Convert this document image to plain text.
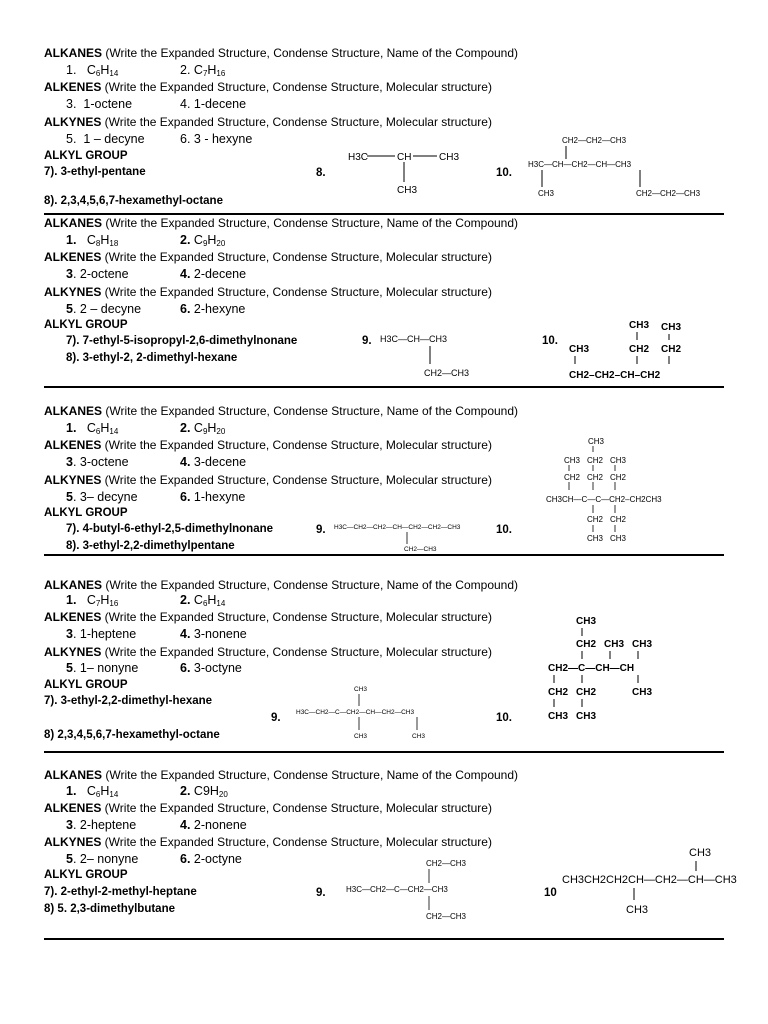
ALKANES (Write the Expanded Structure, Condense Structure, Name of the Compound)
1.   $C_6H_{14}$	2. $C_7H_{16}$
ALKENES (Write the Expanded Structure, Condense Structure, Molecular structure)
3. 1-octene	4. 1-decene
ALKYNES (Write the Expanded Structure, Condense Structure, Molecular structure)
5. 1 – decyne	6. 3 - hexyne
ALKYL GROUP
7). 3-ethyl-pentane
8). 2,3,4,5,6,7-hexamethyl-octane
8.	10.
H3C	CH	CH3
CH3
CH2—CH2—CH3
H3C—CH—CH2—CH—CH3
CH3	CH2—CH2—CH3
ALKANES (Write the Expanded Structure, Condense Structure, Name of the Compound)
1.   $C_8H_{18}$	2. $C_9H_{20}$
ALKENES (Write the Expanded Structure, Condense Structure, Molecular structure)
3. 2-octene	4. 2-decene
ALKYNES (Write the Expanded Structure, Condense Structure, Molecular structure)
5. 2 – decyne	6. 2-hexyne
ALKYL GROUP
7). 7-ethyl-5-isopropyl-2,6-dimethylnonane
8). 3-ethyl-2, 2-dimethyl-hexane
9.	10.
H3C—CH—CH3
CH2—CH3
CH3 CH3
CH3	CH2 CH2
CH2–CH2–CH–CH2
ALKANES (Write the Expanded Structure, Condense Structure, Name of the Compound)
1.   $C_6H_{14}$	2. $C_9H_{20}$
ALKENES (Write the Expanded Structure, Condense Structure, Molecular structure)
3. 3-octene	4. 3-decene
ALKYNES (Write the Expanded Structure, Condense Structure, Molecular structure)
5. 3– decyne	6. 1-hexyne
ALKYL GROUP
7). 4-butyl-6-ethyl-2,5-dimethylnonane
8). 3-ethyl-2,2-dimethylpentane
9.	10.
H3C—CH2—CH2—CH—CH2—CH2—CH3
CH2—CH3
CH3
CH3 CH2 CH3
CH2 CH2 CH2
CH3CH—C—C—CH2–CH2CH3
CH2 CH2
CH3 CH3
ALKANES (Write the Expanded Structure, Condense Structure, Name of the Compound)
1.   $C_7H_{16}$	2. $C_6H_{14}$
ALKENES (Write the Expanded Structure, Condense Structure, Molecular structure)
3. 1-heptene	4. 3-nonene
ALKYNES (Write the Expanded Structure, Condense Structure, Molecular structure)
5. 1– nonyne	6. 3-octyne
ALKYL GROUP
7). 3-ethyl-2,2-dimethyl-hexane
8) 2,3,4,5,6,7-hexamethyl-octane
9.	10.
CH3
H3C—CH2—C—CH2—CH—CH2—CH3
CH3	CH3
CH3
CH2 CH3 CH3
CH2—C—CH—CH
CH2 CH2	CH3
CH3 CH3
ALKANES (Write the Expanded Structure, Condense Structure, Name of the Compound)
1.   $C_6H_{14}$	2. $C9H_{20}$
ALKENES (Write the Expanded Structure, Condense Structure, Molecular structure)
3. 2-heptene	4. 2-nonene
ALKYNES (Write the Expanded Structure, Condense Structure, Molecular structure)
5. 2– nonyne	6. 2-octyne
ALKYL GROUP
7). 2-ethyl-2-methyl-heptane
8) 5. 2,3-dimethylbutane
9.	10
CH2—CH3
H3C—CH2—C—CH2—CH3
CH2—CH3
CH3
CH3CH2CH2CH—CH2—CH—CH3
CH3
